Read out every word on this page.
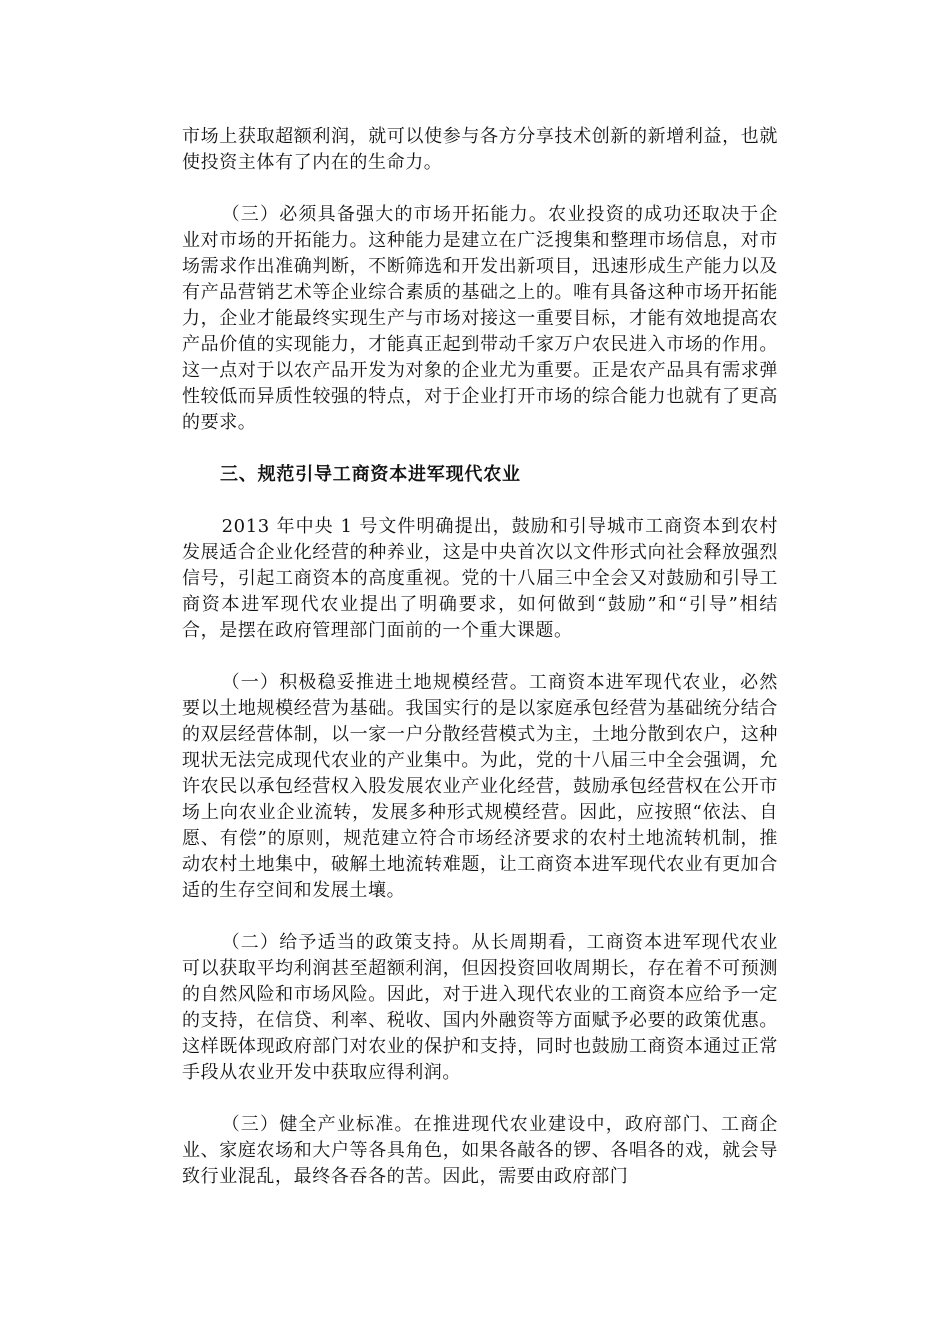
市场上获取超额利润，就可以使参与各方分享技术创新的新增利益，也就使投资主体有了内在的生命力。

（三）必须具备强大的市场开拓能力。农业投资的成功还取决于企业对市场的开拓能力。这种能力是建立在广泛搜集和整理市场信息，对市场需求作出准确判断，不断筛选和开发出新项目，迅速形成生产能力以及有产品营销艺术等企业综合素质的基础之上的。唯有具备这种市场开拓能力，企业才能最终实现生产与市场对接这一重要目标，才能有效地提高农产品价值的实现能力，才能真正起到带动千家万户农民进入市场的作用。这一点对于以农产品开发为对象的企业尤为重要。正是农产品具有需求弹性较低而异质性较强的特点，对于企业打开市场的综合能力也就有了更高的要求。

三、规范引导工商资本进军现代农业

2013 年中央 1 号文件明确提出，鼓励和引导城市工商资本到农村发展适合企业化经营的种养业，这是中央首次以文件形式向社会释放强烈信号，引起工商资本的高度重视。党的十八届三中全会又对鼓励和引导工商资本进军现代农业提出了明确要求，如何做到“鼓励”和“引导”相结合，是摆在政府管理部门面前的一个重大课题。

（一）积极稳妥推进土地规模经营。工商资本进军现代农业，必然要以土地规模经营为基础。我国实行的是以家庭承包经营为基础统分结合的双层经营体制，以一家一户分散经营模式为主，土地分散到农户，这种现状无法完成现代农业的产业集中。为此，党的十八届三中全会强调，允许农民以承包经营权入股发展农业产业化经营，鼓励承包经营权在公开市场上向农业企业流转，发展多种形式规模经营。因此，应按照“依法、自愿、有偿”的原则，规范建立符合市场经济要求的农村土地流转机制，推动农村土地集中，破解土地流转难题，让工商资本进军现代农业有更加合适的生存空间和发展土壤。

（二）给予适当的政策支持。从长周期看，工商资本进军现代农业可以获取平均利润甚至超额利润，但因投资回收周期长，存在着不可预测的自然风险和市场风险。因此，对于进入现代农业的工商资本应给予一定的支持，在信贷、利率、税收、国内外融资等方面赋予必要的政策优惠。这样既体现政府部门对农业的保护和支持，同时也鼓励工商资本通过正常手段从农业开发中获取应得利润。

（三）健全产业标准。在推进现代农业建设中，政府部门、工商企业、家庭农场和大户等各具角色，如果各敲各的锣、各唱各的戏，就会导致行业混乱，最终各吞各的苦。因此，需要由政府部门
